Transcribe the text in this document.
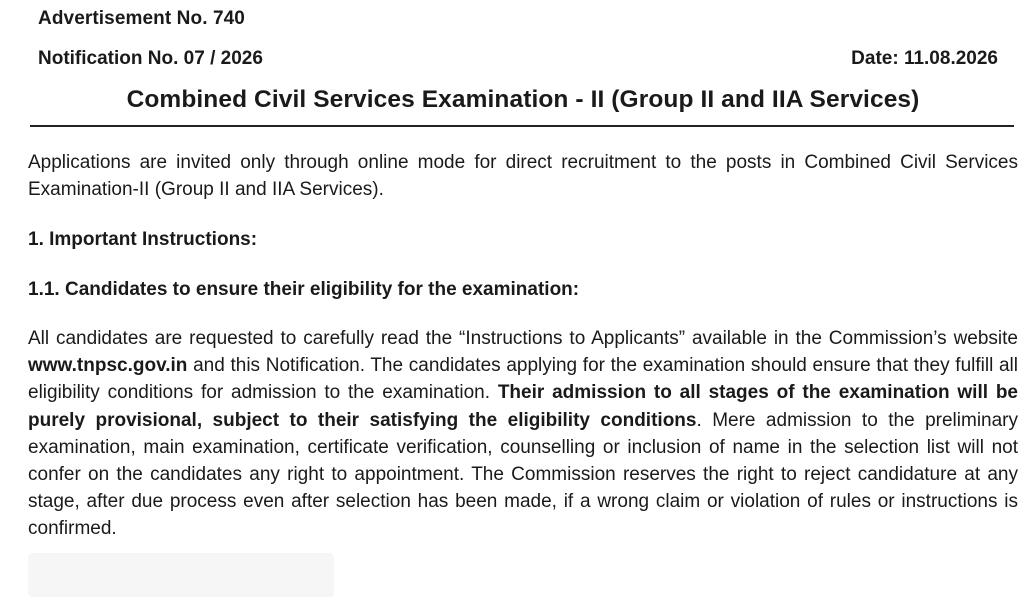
Advertisement No. 740
Notification No. 07 / 2026	Date: 11.08.2026
Combined Civil Services Examination - II (Group II and IIA Services)
Applications are invited only through online mode for direct recruitment to the posts in Combined Civil Services Examination-II (Group II and IIA Services).
1. Important Instructions:
1.1. Candidates to ensure their eligibility for the examination:
All candidates are requested to carefully read the “Instructions to Applicants” available in the Commission’s website www.tnpsc.gov.in and this Notification. The candidates applying for the examination should ensure that they fulfill all eligibility conditions for admission to the examination. Their admission to all stages of the examination will be purely provisional, subject to their satisfying the eligibility conditions. Mere admission to the preliminary examination, main examination, certificate verification, counselling or inclusion of name in the selection list will not confer on the candidates any right to appointment. The Commission reserves the right to reject candidature at any stage, after due process even after selection has been made, if a wrong claim or violation of rules or instructions is confirmed.
